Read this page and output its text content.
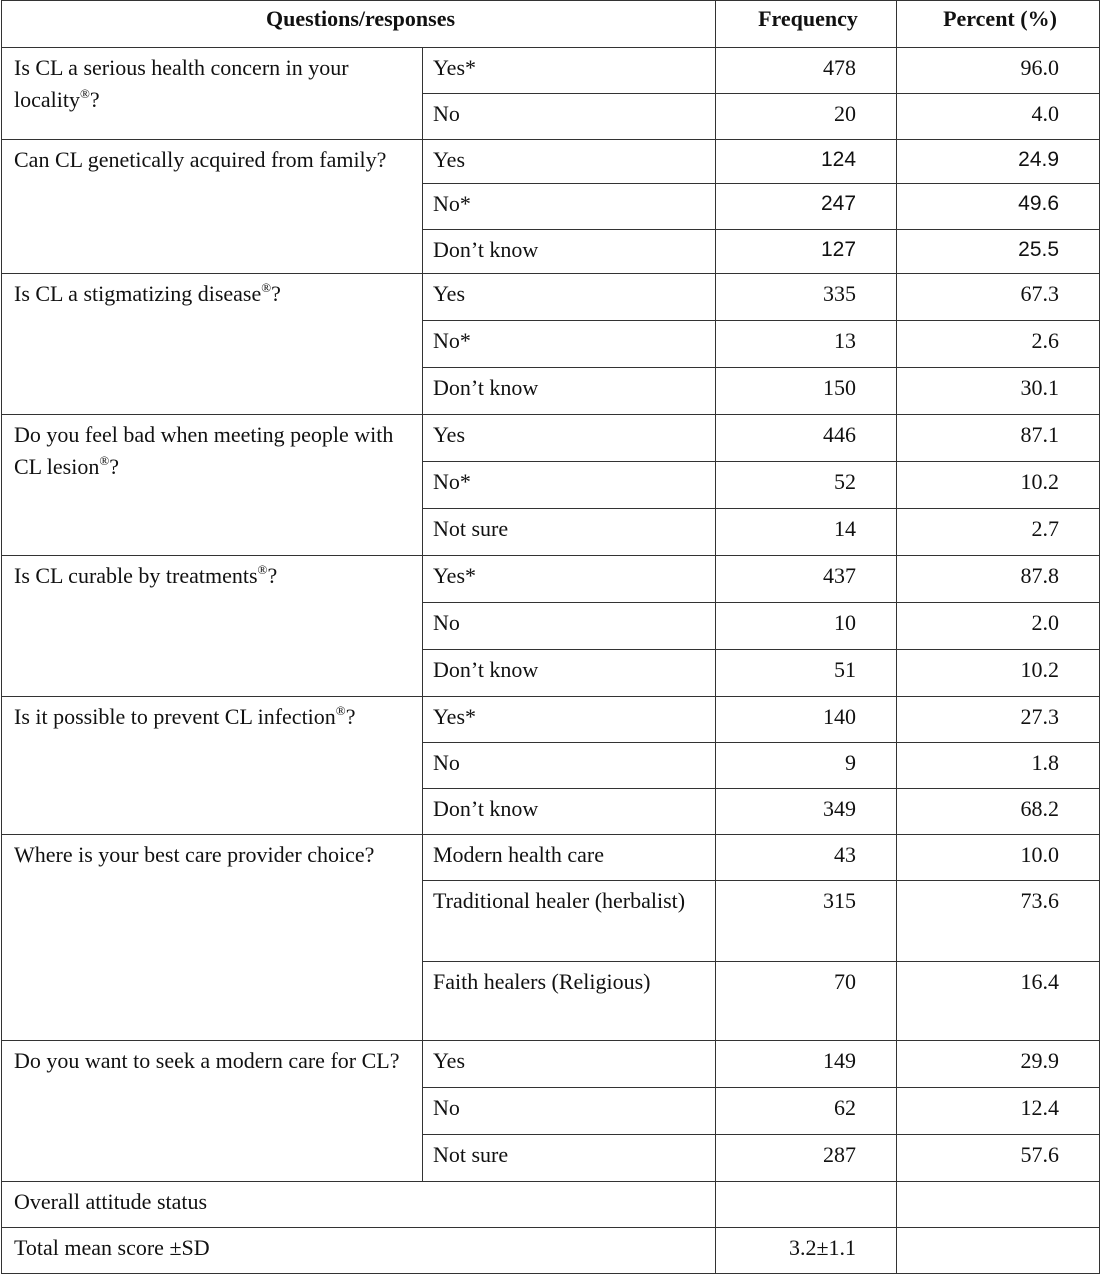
Questions/responses		Frequency	Percent (%)
Is CL a serious health concern in your locality®?	Yes*	478	96.0
	No	20	4.0
Can CL genetically acquired from family?	Yes	124	24.9
	No*	247	49.6
	Don’t know	127	25.5
Is CL a stigmatizing disease®?	Yes	335	67.3
	No*	13	2.6
	Don’t know	150	30.1
Do you feel bad when meeting people with CL lesion®?	Yes	446	87.1
	No*	52	10.2
	Not sure	14	2.7
Is CL curable by treatments®?	Yes*	437	87.8
	No	10	2.0
	Don’t know	51	10.2
Is it possible to prevent CL infection®?	Yes*	140	27.3
	No	9	1.8
	Don’t know	349	68.2
Where is your best care provider choice?	Modern health care	43	10.0
	Traditional healer (herbalist)	315	73.6
	Faith healers (Religious)	70	16.4
Do you want to seek a modern care for CL?	Yes	149	29.9
	No	62	12.4
	Not sure	287	57.6
Overall attitude status			
Total mean score ±SD		3.2±1.1	
